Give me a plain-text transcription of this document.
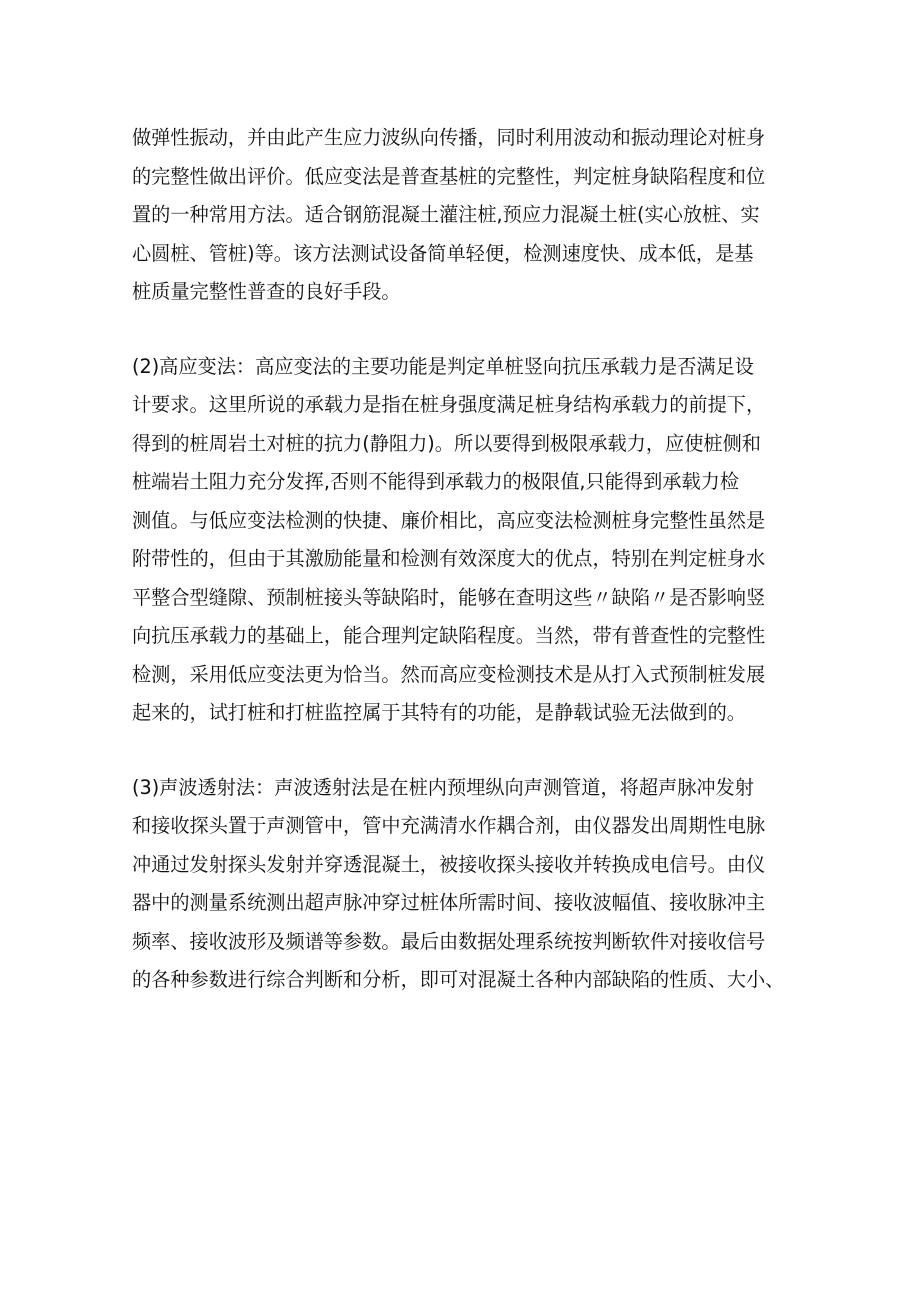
做弹性振动，并由此产生应力波纵向传播，同时利用波动和振动理论对桩身
的完整性做出评价。低应变法是普查基桩的完整性，判定桩身缺陷程度和位
置的一种常用方法。适合钢筋混凝土灌注桩,预应力混凝土桩(实心放桩、实
心圆桩、管桩)等。该方法测试设备简单轻便，检测速度快、成本低，是基
桩质量完整性普查的良好手段。

(2)高应变法：高应变法的主要功能是判定单桩竖向抗压承载力是否满足设
计要求。这里所说的承载力是指在桩身强度满足桩身结构承载力的前提下，
得到的桩周岩土对桩的抗力(静阻力)。所以要得到极限承载力，应使桩侧和
桩端岩土阻力充分发挥,否则不能得到承载力的极限值,只能得到承载力检
测值。与低应变法检测的快捷、廉价相比，高应变法检测桩身完整性虽然是
附带性的，但由于其激励能量和检测有效深度大的优点，特别在判定桩身水
平整合型缝隙、预制桩接头等缺陷时，能够在查明这些〃缺陷〃是否影响竖
向抗压承载力的基础上，能合理判定缺陷程度。当然，带有普查性的完整性
检测，采用低应变法更为恰当。然而高应变检测技术是从打入式预制桩发展
起来的，试打桩和打桩监控属于其特有的功能，是静载试验无法做到的。

(3)声波透射法：声波透射法是在桩内预埋纵向声测管道，将超声脉冲发射
和接收探头置于声测管中，管中充满清水作耦合剂，由仪器发出周期性电脉
冲通过发射探头发射并穿透混凝土，被接收探头接收并转换成电信号。由仪
器中的测量系统测出超声脉冲穿过桩体所需时间、接收波幅值、接收脉冲主
频率、接收波形及频谱等参数。最后由数据处理系统按判断软件对接收信号
的各种参数进行综合判断和分析，即可对混凝土各种内部缺陷的性质、大小、
